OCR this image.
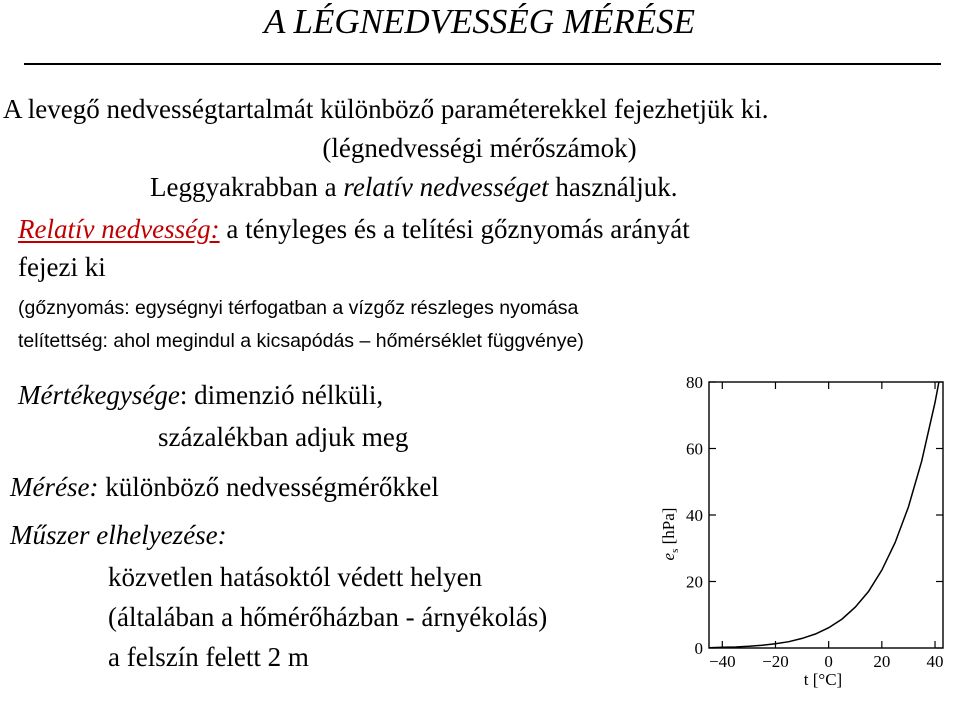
A LÉGNEDVESSÉG MÉRÉSE

A levegő nedvességtartalmát különböző paraméterekkel fejezhetjük ki.

(légnedvességi mérőszámok)

Leggyakrabban a relatív nedvességet használjuk.

Relatív nedvesség: a tényleges és a telítési gőznyomás arányát

fejezi ki

(gőznyomás: egységnyi térfogatban a vízgőz részleges nyomása

telítettség: ahol megindul a kicsapódás – hőmérséklet függvénye)

Mértékegysége: dimenzió nélküli,

százalékban adjuk meg

Mérése: különböző nedvességmérőkkel

Műszer elhelyezése:

közvetlen hatásoktól védett helyen

(általában a hőmérőházban - árnyékolás)

a felszín felett 2 m	−40 −20 0 20 40
0
20
40
60
80
$e_s$ [hPa]
t [°C]
